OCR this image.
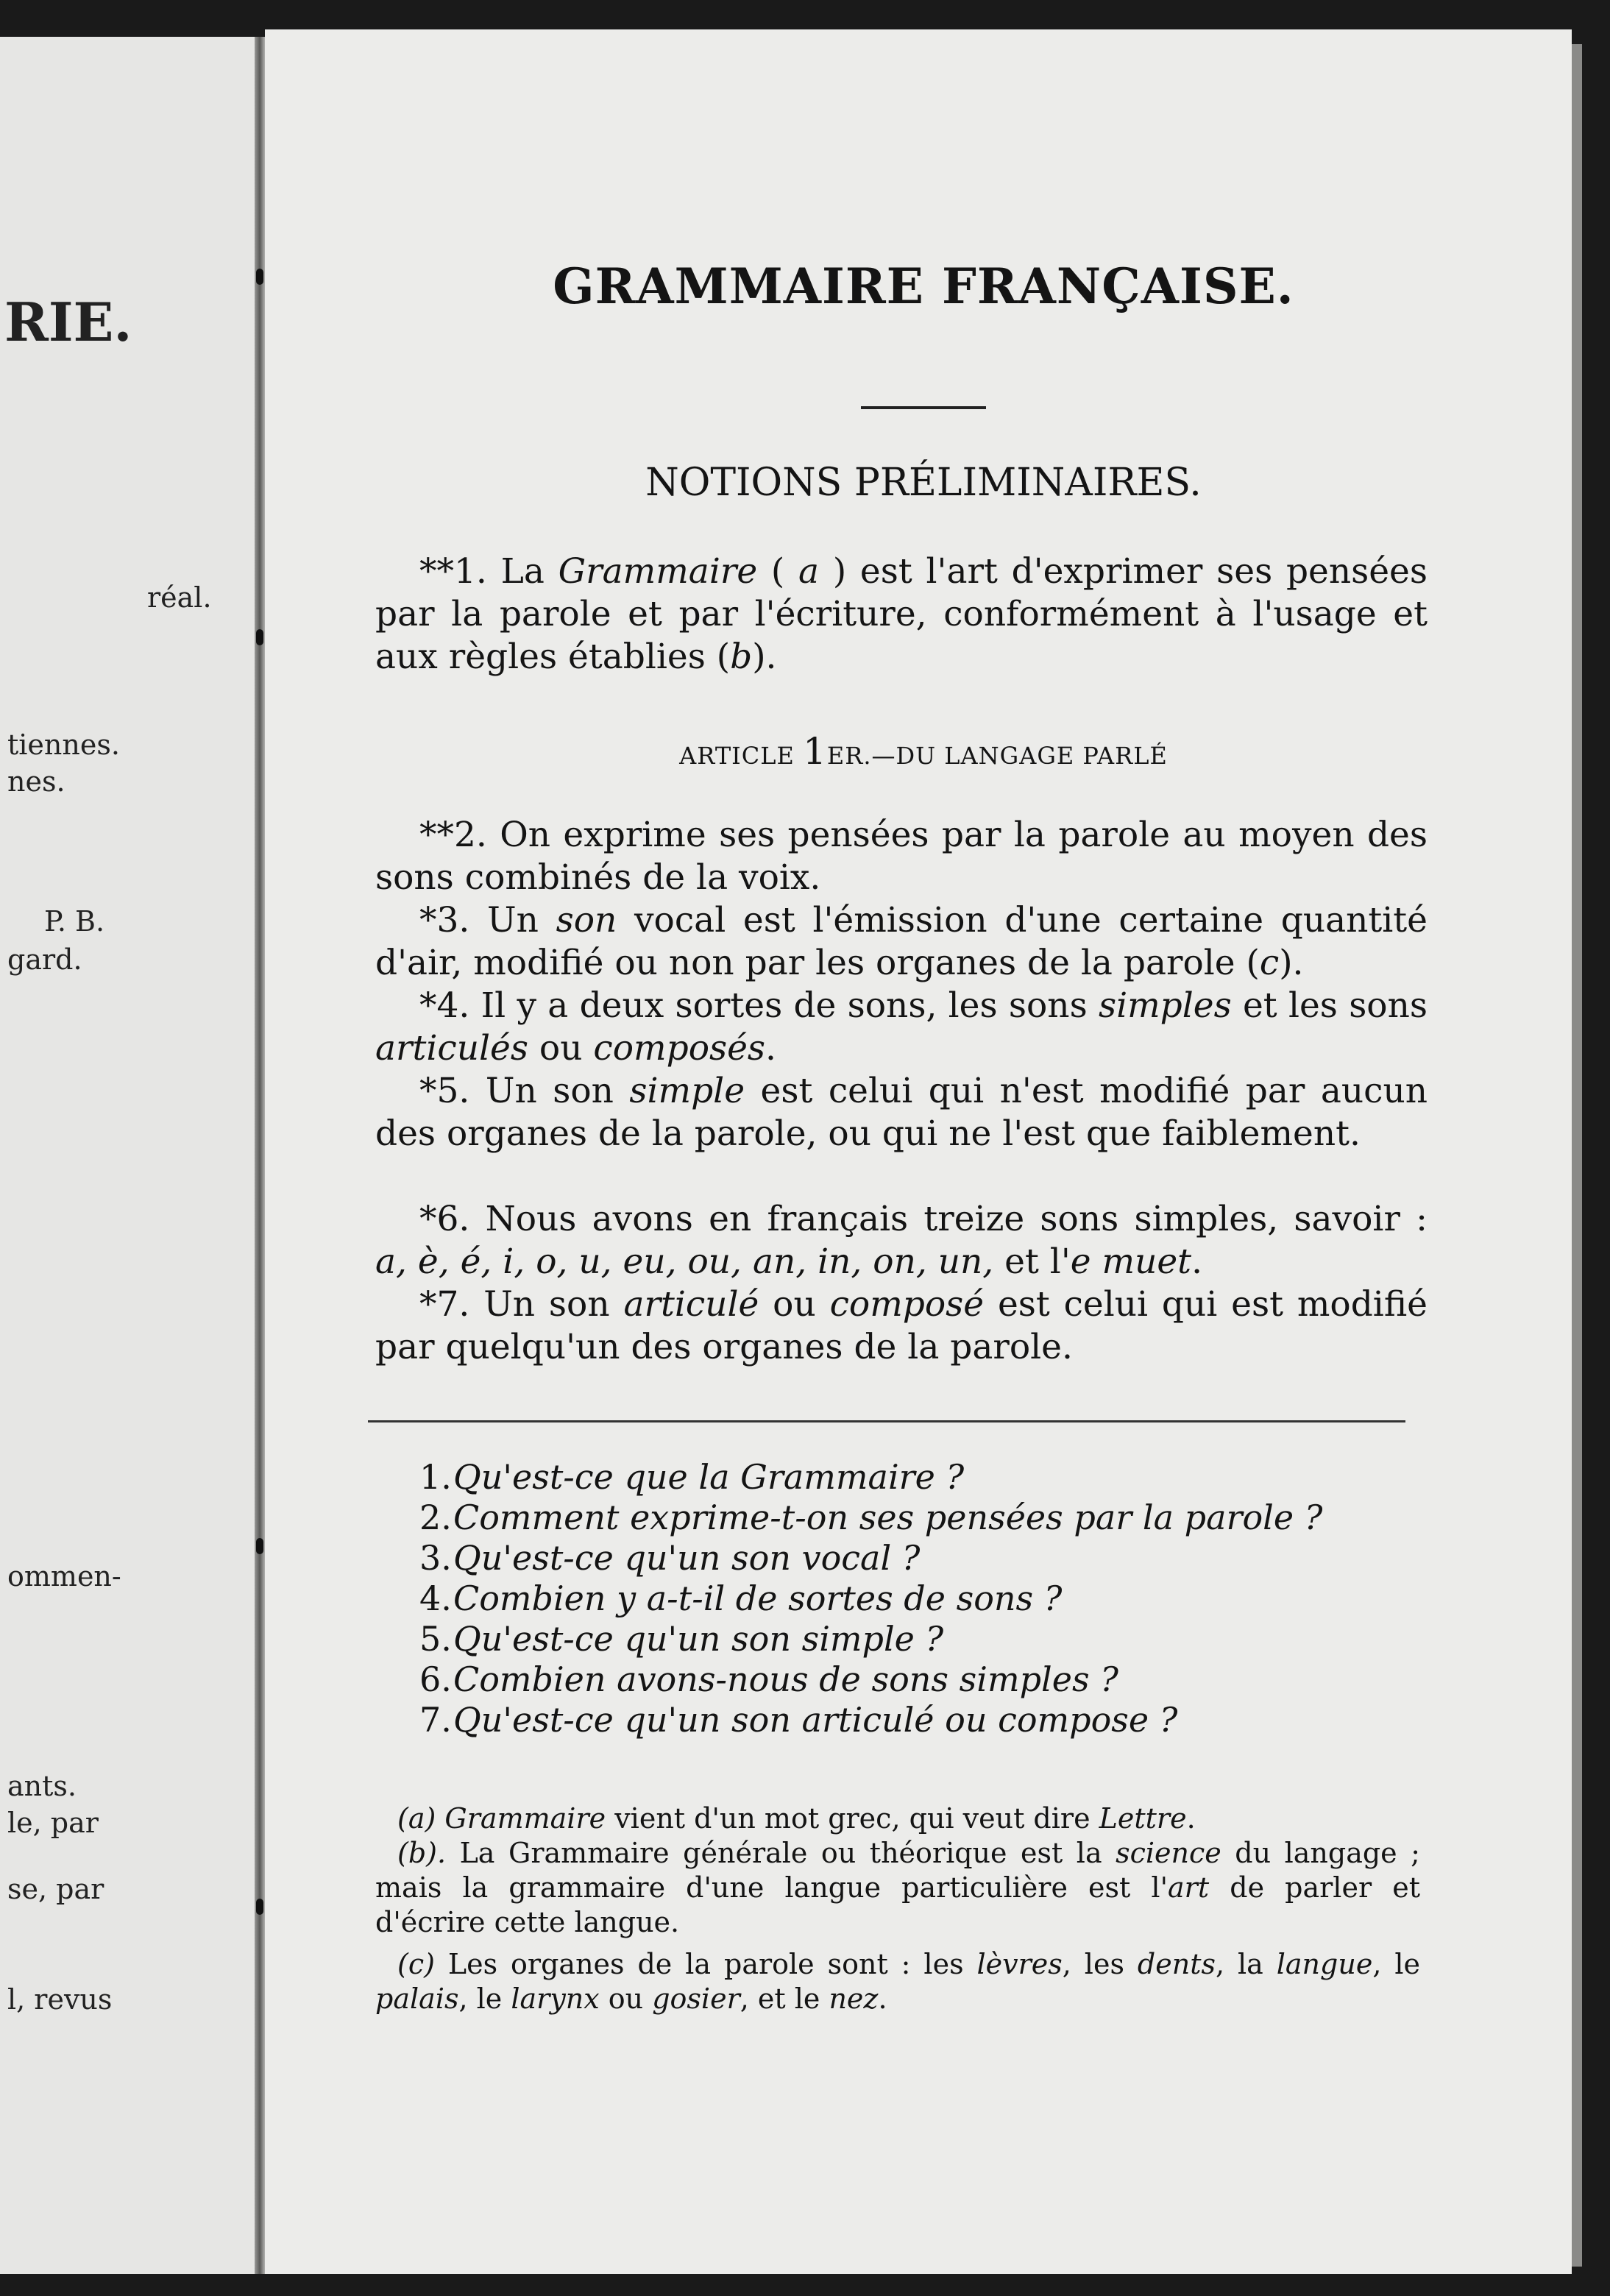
RIE.
réal.
tiennes.
nes.
P. B.
gard.
ommen-
ants.
le, par
se, par
l, revus
GRAMMAIRE FRANÇAISE.
NOTIONS PRÉLIMINAIRES.
**1. La Grammaire ( a ) est l'art d'exprimer ses pensées par la parole et par l'écriture, conformément à l'usage et aux règles établies (b).
ARTICLE 1ER.—DU LANGAGE PARLÉ
**2. On exprime ses pensées par la parole au moyen des sons combinés de la voix.
*3. Un son vocal est l'émission d'une certaine quantité d'air, modifié ou non par les organes de la parole (c).
*4. Il y a deux sortes de sons, les sons simples et les sons articulés ou composés.
*5. Un son simple est celui qui n'est modifié par aucun des organes de la parole, ou qui ne l'est que faiblement.
*6. Nous avons en français treize sons simples, savoir : a, è, é, i, o, u, eu, ou, an, in, on, un, et l'e muet.
*7. Un son articulé ou composé est celui qui est modifié par quelqu'un des organes de la parole.
1.Qu'est-ce que la Grammaire ?
2.Comment exprime-t-on ses pensées par la parole ?
3.Qu'est-ce qu'un son vocal ?
4.Combien y a-t-il de sortes de sons ?
5.Qu'est-ce qu'un son simple ?
6.Combien avons-nous de sons simples ?
7.Qu'est-ce qu'un son articulé ou compose ?
(a) Grammaire vient d'un mot grec, qui veut dire Lettre.
(b). La Grammaire générale ou théorique est la science du langage ; mais la grammaire d'une langue particulière est l'art de parler et d'écrire cette langue.
(c) Les organes de la parole sont : les lèvres, les dents, la langue, le palais, le larynx ou gosier, et le nez.
